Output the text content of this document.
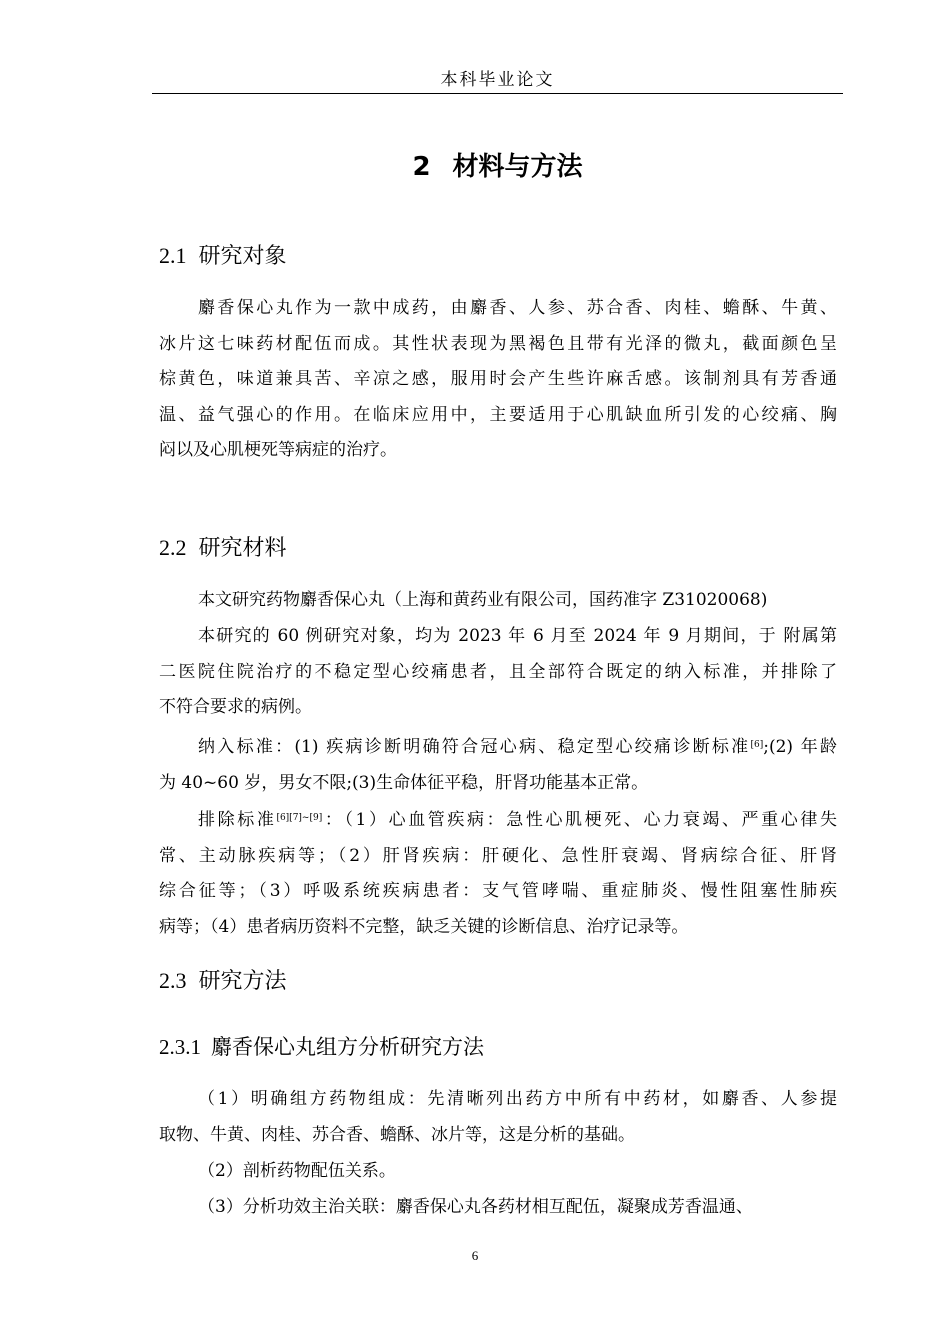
本科毕业论文
2 材料与方法
2.1 研究对象
麝香保心丸作为一款中成药，由麝香、人参、苏合香、肉桂、蟾酥、牛黄、
冰片这七味药材配伍而成。其性状表现为黑褐色且带有光泽的微丸，截面颜色呈
棕黄色，味道兼具苦、辛凉之感，服用时会产生些许麻舌感。该制剂具有芳香通
温、益气强心的作用。在临床应用中，主要适用于心肌缺血所引发的心绞痛、胸
闷以及心肌梗死等病症的治疗。
2.2 研究材料
本文研究药物麝香保心丸（上海和黄药业有限公司，国药准字 Z31020068)
本研究的 60 例研究对象，均为 2023 年 6 月至 2024 年 9 月期间，于 附属第
二医院住院治疗的不稳定型心绞痛患者，且全部符合既定的纳入标准，并排除了
不符合要求的病例。
纳入标准：(1) 疾病诊断明确符合冠心病、稳定型心绞痛诊断标准[6];(2) 年龄
为 40~60 岁，男女不限;(3)生命体征平稳，肝肾功能基本正常。
排除标准[6][7]~[9]：（1）心血管疾病：急性心肌梗死、心力衰竭、严重心律失
常、主动脉疾病等；（2）肝肾疾病：肝硬化、急性肝衰竭、肾病综合征、肝肾
综合征等；（3）呼吸系统疾病患者：支气管哮喘、重症肺炎、慢性阻塞性肺疾
病等；（4）患者病历资料不完整，缺乏关键的诊断信息、治疗记录等。
2.3 研究方法
2.3.1 麝香保心丸组方分析研究方法
（1）明确组方药物组成：先清晰列出药方中所有中药材，如麝香、人参提
取物、牛黄、肉桂、苏合香、蟾酥、冰片等，这是分析的基础。
（2）剖析药物配伍关系。
（3）分析功效主治关联：麝香保心丸各药材相互配伍，凝聚成芳香温通、
6
